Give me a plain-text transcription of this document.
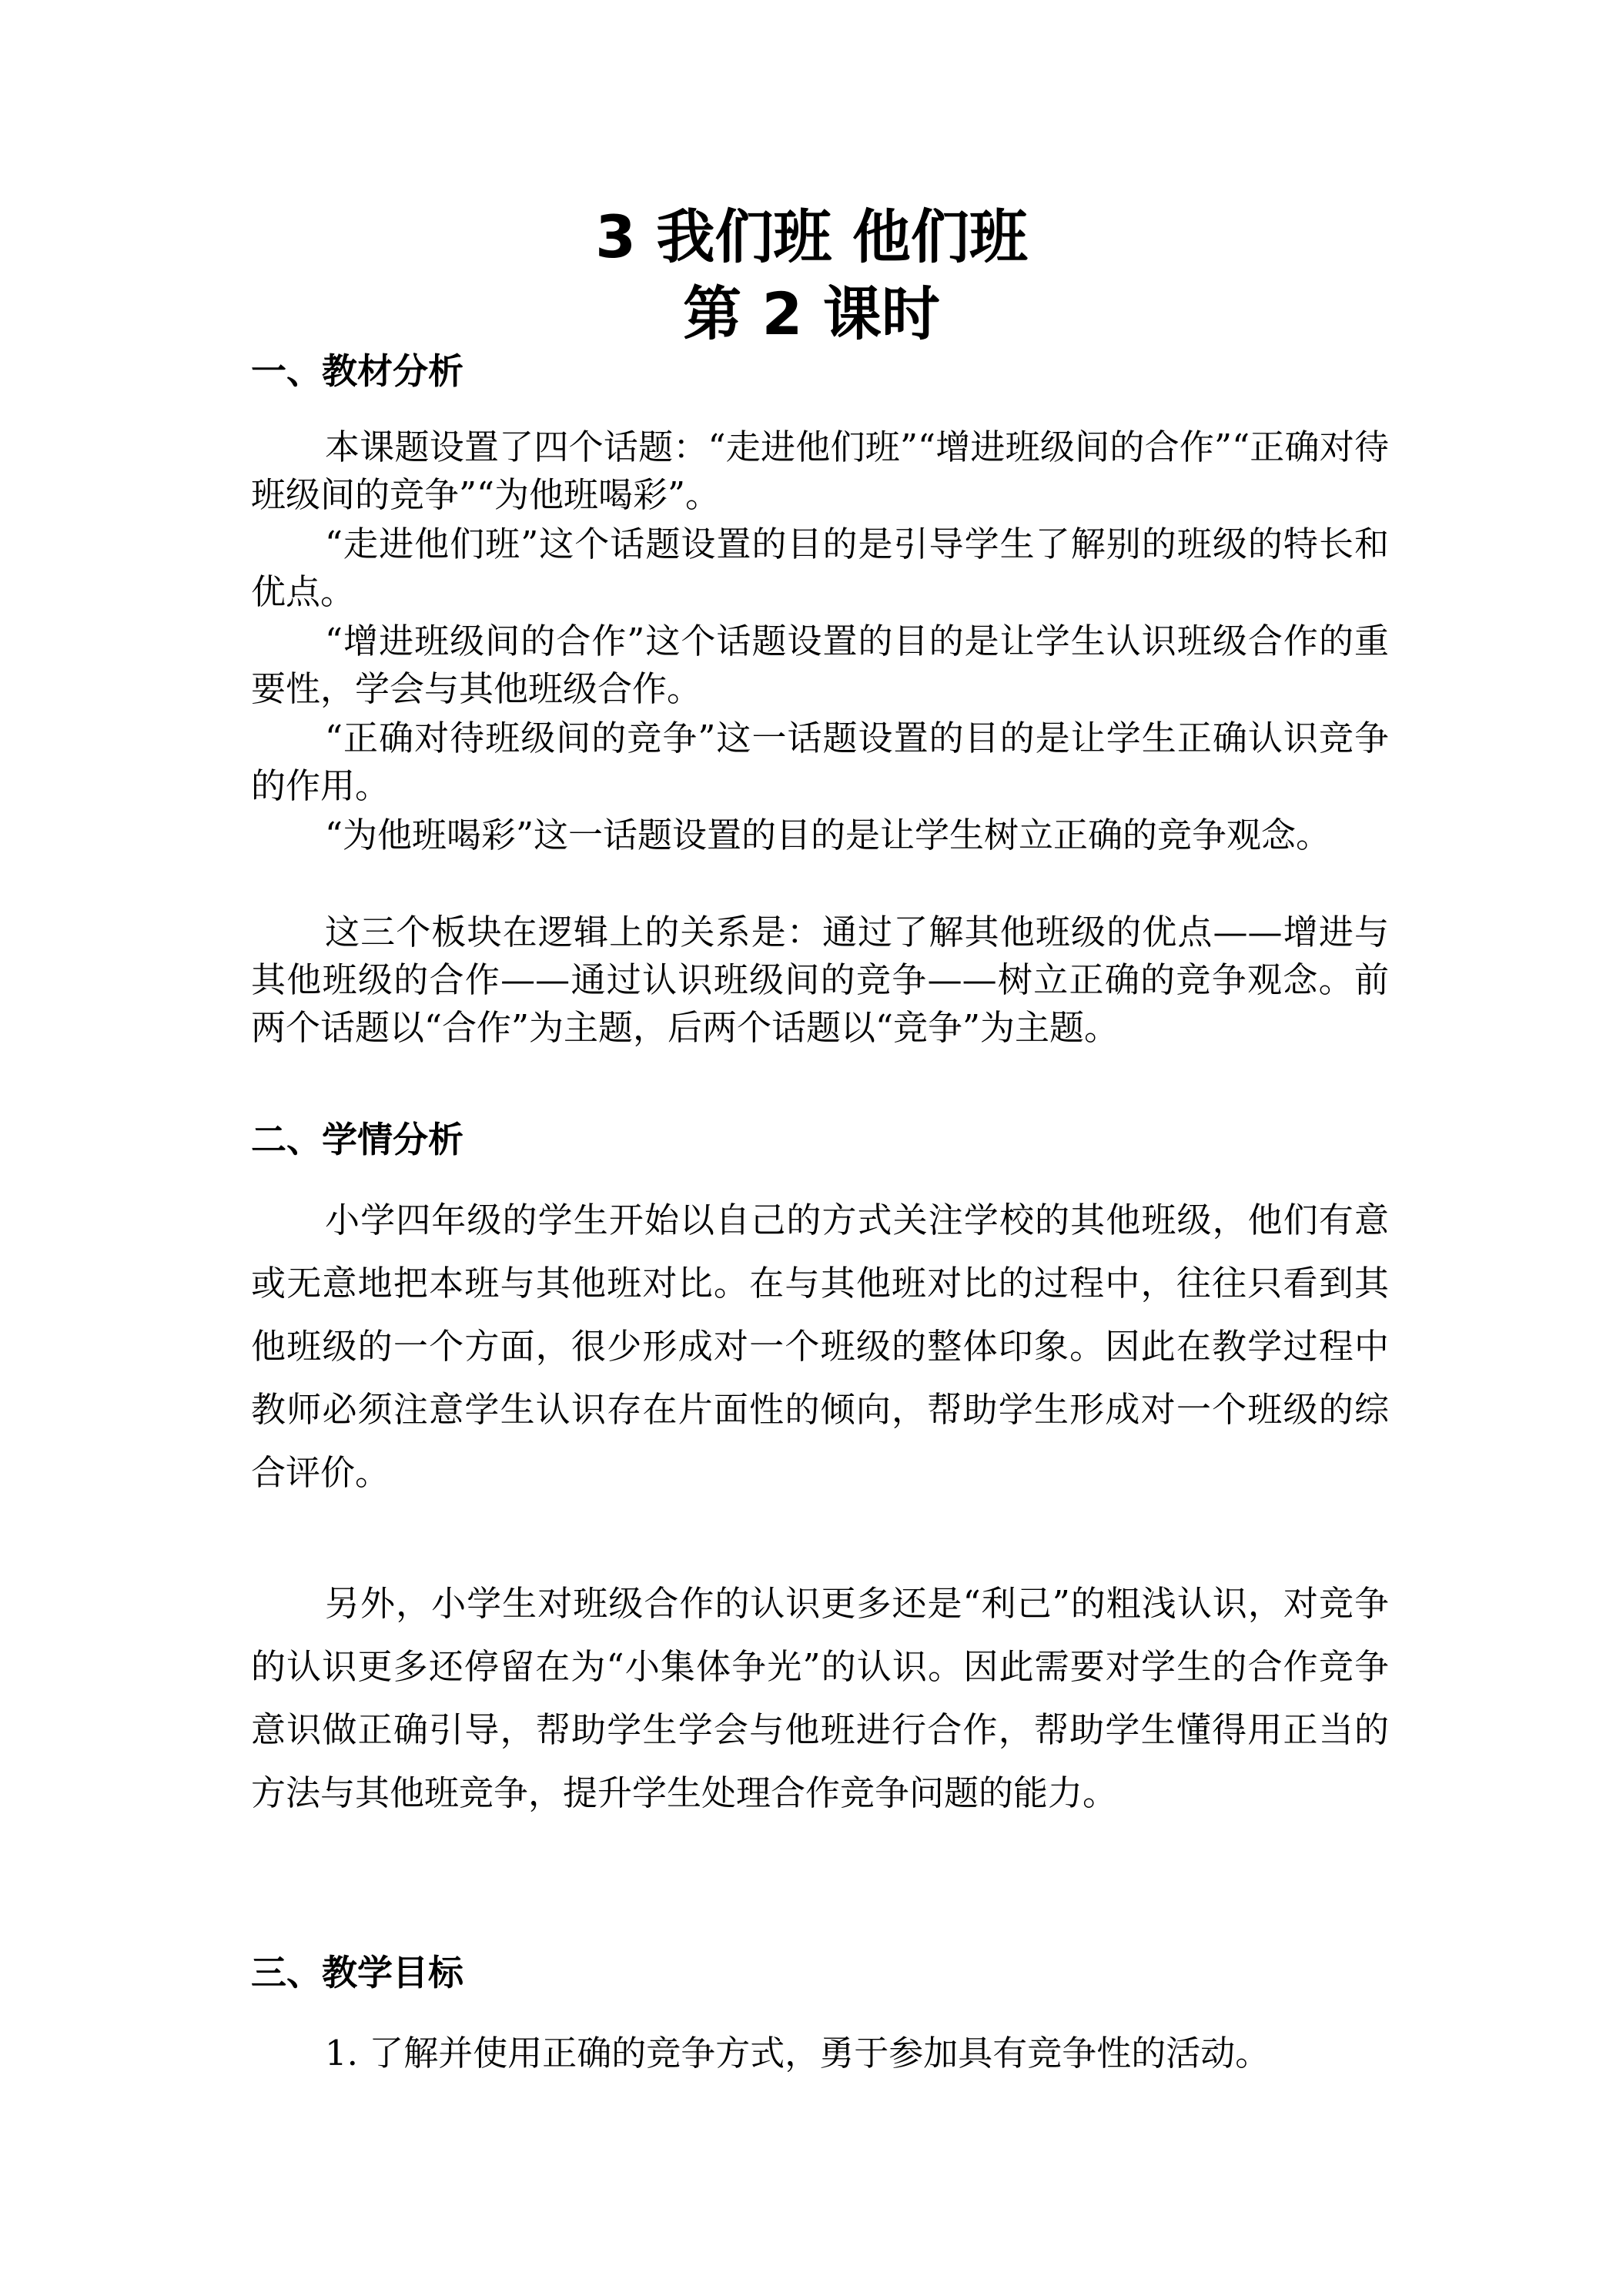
3 我们班 他们班
第 2 课时
一、教材分析

本课题设置了四个话题：“走进他们班”“增进班级间的合作”“正确对待班级间的竞争”“为他班喝彩”。

“走进他们班”这个话题设置的目的是引导学生了解别的班级的特长和优点。

“增进班级间的合作”这个话题设置的目的是让学生认识班级合作的重要性，学会与其他班级合作。

“正确对待班级间的竞争”这一话题设置的目的是让学生正确认识竞争的作用。

“为他班喝彩”这一话题设置的目的是让学生树立正确的竞争观念。

这三个板块在逻辑上的关系是：通过了解其他班级的优点——增进与其他班级的合作——通过认识班级间的竞争——树立正确的竞争观念。前两个话题以“合作”为主题，后两个话题以“竞争”为主题。

二、学情分析

小学四年级的学生开始以自己的方式关注学校的其他班级，他们有意或无意地把本班与其他班对比。在与其他班对比的过程中，往往只看到其他班级的一个方面，很少形成对一个班级的整体印象。因此在教学过程中教师必须注意学生认识存在片面性的倾向，帮助学生形成对一个班级的综合评价。

另外，小学生对班级合作的认识更多还是“利己”的粗浅认识，对竞争的认识更多还停留在为“小集体争光”的认识。因此需要对学生的合作竞争意识做正确引导，帮助学生学会与他班进行合作，帮助学生懂得用正当的方法与其他班竞争，提升学生处理合作竞争问题的能力。

三、教学目标

1. 了解并使用正确的竞争方式，勇于参加具有竞争性的活动。
